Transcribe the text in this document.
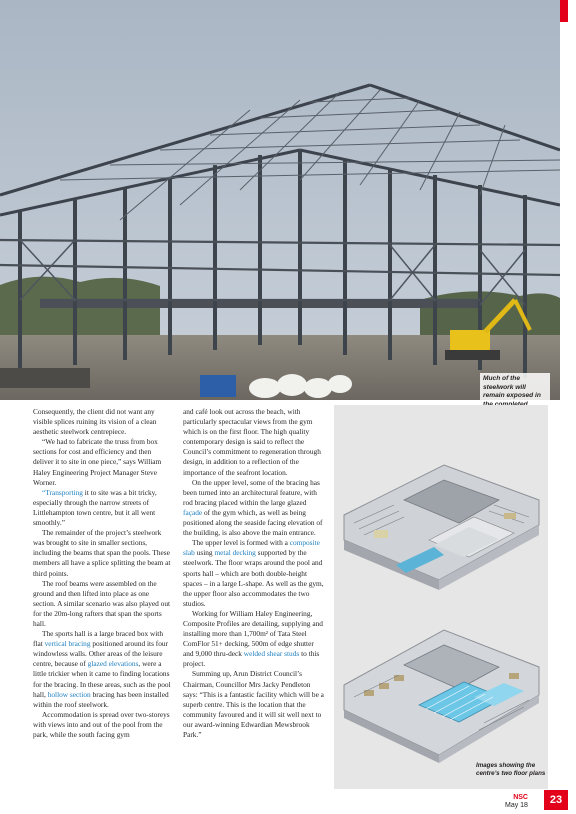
Much of the steelwork will remain exposed in

Consequently, the client did not want any visible splices ruining its vision of a clean aesthetic steelwork centrepiece.

“We had to fabricate the truss from box sections for cost and efficiency and then deliver it to site in one piece,” says William Haley Engineering Project Manager Steve Worner.

“Transporting it to site was a bit tricky, especially through the narrow streets of Littlehampton town centre, but it all went smoothly.”

The remainder of the project’s steelwork was brought to site in smaller sections, including the beams that span the pools. These members all have a splice splitting the beam at third points.

The roof beams were assembled on the ground and then lifted into place as one section. A similar scenario was also played out for the 20m-long rafters that span the sports hall.

The sports hall is a large braced box with flat vertical bracing positioned around its four windowless walls. Other areas of the leisure centre, because of glazed elevations, were a little trickier when it came to finding locations for the bracing. In these areas, such as the pool hall, hollow section bracing has been installed within the roof steelwork.

Accommodation is spread over two-storeys with views into and out of the pool from the park, while the south facing gym

and café look out across the beach, with particularly spectacular views from the gym which is on the first floor. The high quality contemporary design is said to reflect the Council’s commitment to regeneration through design, in addition to a reflection of the importance of the seafront location.

On the upper level, some of the bracing has been turned into an architectural feature, with rod bracing placed within the large glazed façade of the gym which, as well as being positioned along the seaside facing elevation of the building, is also above the main entrance.

The upper level is formed with a composite slab using metal decking supported by the steelwork. The floor wraps around the pool and sports hall – which are both double-height spaces – in a large L-shape. As well as the gym, the upper floor also accommodates the two studios.

Working for William Haley Engineering, Composite Profiles are detailing, supplying and installing more than 1,700m² of Tata Steel ComFlor 51+ decking, 500m of edge shutter and 9,000 thru-deck welded shear studs to this project.

Summing up, Arun District Council’s Chairman, Councillor Mrs Jacky Pendleton says: “This is a fantastic facility which will be a superb centre. This is the location that the community favoured and it will sit well next to our award-winning Edwardian Mewsbrook Park.”

Images showing the centre’s two floor plans
NSC
May 18	23
